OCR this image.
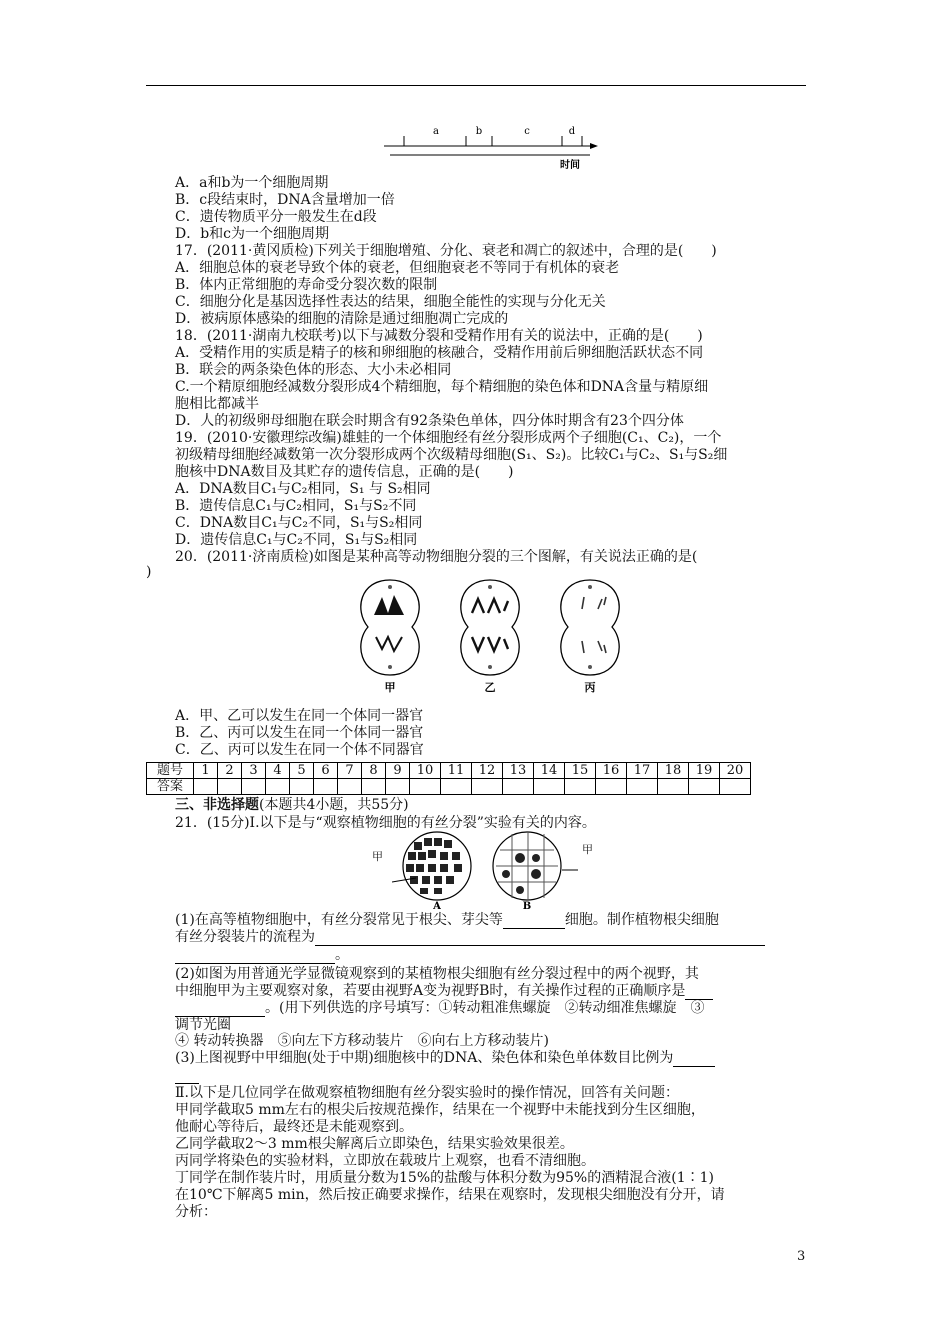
a	b	c	d
时间
A．a和b为一个细胞周期
B．c段结束时，DNA含量增加一倍
C．遗传物质平分一般发生在d段
D．b和c为一个细胞周期
17．(2011·黄冈质检)下列关于细胞增殖、分化、衰老和凋亡的叙述中，合理的是(　　)
A．细胞总体的衰老导致个体的衰老，但细胞衰老不等同于有机体的衰老
B．体内正常细胞的寿命受分裂次数的限制
C．细胞分化是基因选择性表达的结果，细胞全能性的实现与分化无关
D．被病原体感染的细胞的清除是通过细胞凋亡完成的
18．(2011·湖南九校联考)以下与减数分裂和受精作用有关的说法中，正确的是(　　)
A．受精作用的实质是精子的核和卵细胞的核融合，受精作用前后卵细胞活跃状态不同
B．联会的两条染色体的形态、大小未必相同
C.一个精原细胞经减数分裂形成4个精细胞，每个精细胞的染色体和DNA含量与精原细
胞相比都减半
D．人的初级卵母细胞在联会时期含有92条染色单体，四分体时期含有23个四分体
19．(2010·安徽理综改编)雄蛙的一个体细胞经有丝分裂形成两个子细胞(C₁、C₂)，一个
初级精母细胞经减数第一次分裂形成两个次级精母细胞(S₁、S₂)。比较C₁与C₂、S₁与S₂细
胞核中DNA数目及其贮存的遗传信息，正确的是(　　)
A．DNA数目C₁与C₂相同，S₁ 与 S₂相同
B．遗传信息C₁与C₂相同，S₁与S₂不同
C．DNA数目C₁与C₂不同，S₁与S₂相同
D．遗传信息C₁与C₂不同，S₁与S₂相同
20．(2011·济南质检)如图是某种高等动物细胞分裂的三个图解，有关说法正确的是(
)
甲	乙	丙
A．甲、乙可以发生在同一个体同一器官
B．乙、丙可以发生在同一个体同一器官
C．乙、丙可以发生在同一个体不同器官
题号	1	2	3	4	5	6	7	8	9	10	11	12	13	14	15	16	17	18	19	20
答案																				
三、非选择题(本题共4小题，共55分)
21．(15分)Ⅰ.以下是与“观察植物细胞的有丝分裂”实验有关的内容。
A	B
甲
甲
(1)在高等植物细胞中，有丝分裂常见于根尖、芽尖等	细胞。制作植物根尖细胞
有丝分裂装片的流程为
。
(2)如图为用普通光学显微镜观察到的某植物根尖细胞有丝分裂过程中的两个视野，其
中细胞甲为主要观察对象，若要由视野A变为视野B时，有关操作过程的正确顺序是
。(用下列供选的序号填写：①转动粗准焦螺旋　②转动细准焦螺旋　③
调节光圈
④ 转动转换器　⑤向左下方移动装片　⑥向右上方移动装片)
(3)上图视野中甲细胞(处于中期)细胞核中的DNA、染色体和染色单体数目比例为
Ⅱ.以下是几位同学在做观察植物细胞有丝分裂实验时的操作情况，回答有关问题：
甲同学截取5 mm左右的根尖后按规范操作，结果在一个视野中未能找到分生区细胞，
他耐心等待后，最终还是未能观察到。
乙同学截取2～3 mm根尖解离后立即染色，结果实验效果很差。
丙同学将染色的实验材料，立即放在载玻片上观察，也看不清细胞。
丁同学在制作装片时，用质量分数为15%的盐酸与体积分数为95%的酒精混合液(1∶1)
在10℃下解离5 min，然后按正确要求操作，结果在观察时，发现根尖细胞没有分开，请
分析：
3
